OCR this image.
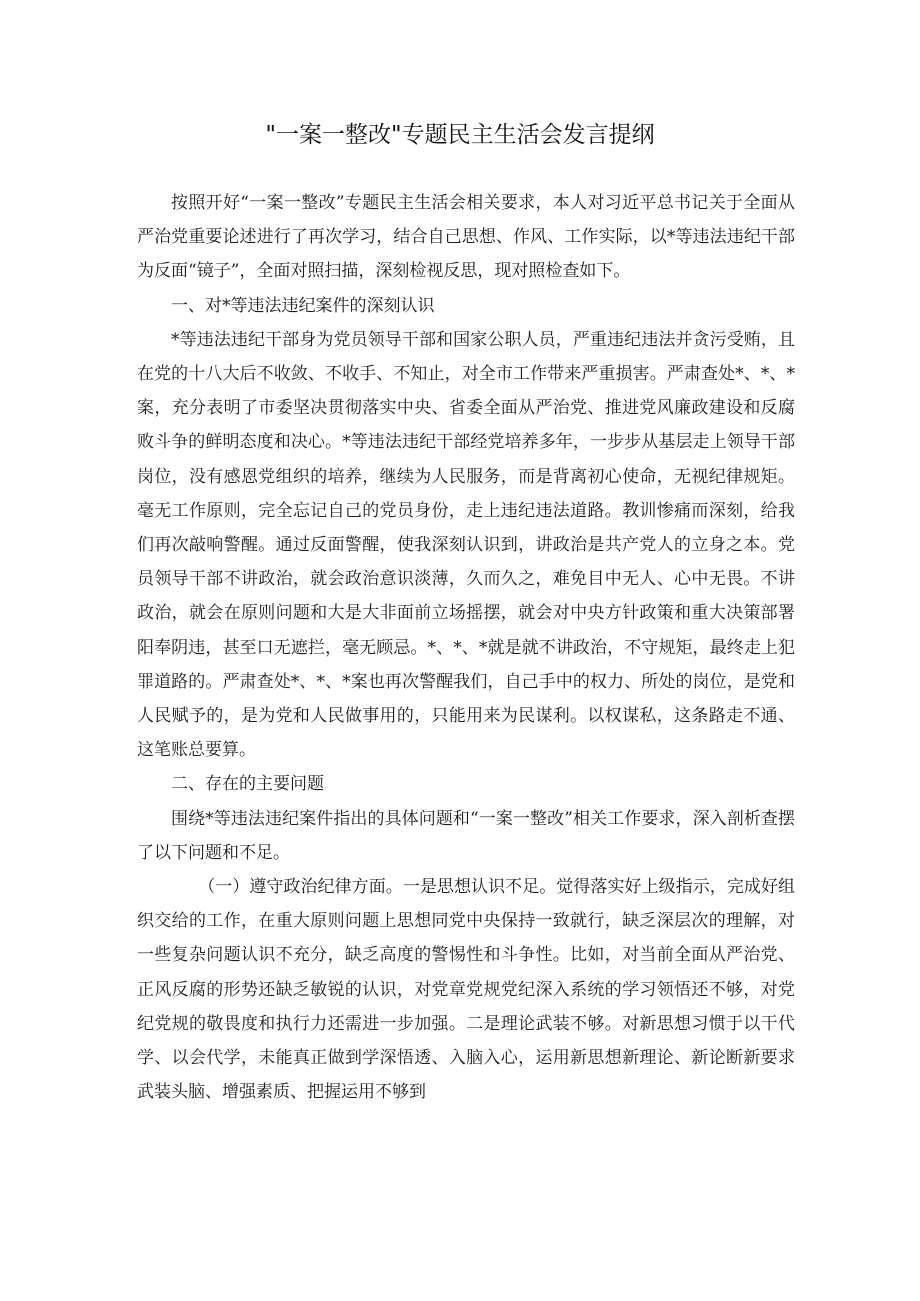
"一案一整改"专题民主生活会发言提纲

按照开好“一案一整改”专题民主生活会相关要求，本人对习近平总书记关于全面从严治党重要论述进行了再次学习，结合自己思想、作风、工作实际，以*等违法违纪干部为反面“镜子”，全面对照扫描，深刻检视反思，现对照检查如下。

一、对*等违法违纪案件的深刻认识

*等违法违纪干部身为党员领导干部和国家公职人员，严重违纪违法并贪污受贿，且在党的十八大后不收敛、不收手、不知止，对全市工作带来严重损害。严肃查处*、*、*案，充分表明了市委坚决贯彻落实中央、省委全面从严治党、推进党风廉政建设和反腐败斗争的鲜明态度和决心。*等违法违纪干部经党培养多年，一步步从基层走上领导干部岗位，没有感恩党组织的培养，继续为人民服务，而是背离初心使命，无视纪律规矩。毫无工作原则，完全忘记自己的党员身份，走上违纪违法道路。教训惨痛而深刻，给我们再次敲响警醒。通过反面警醒，使我深刻认识到，讲政治是共产党人的立身之本。党员领导干部不讲政治，就会政治意识淡薄，久而久之，难免目中无人、心中无畏。不讲政治，就会在原则问题和大是大非面前立场摇摆，就会对中央方针政策和重大决策部署阳奉阴违，甚至口无遮拦，毫无顾忌。*、*、*就是就不讲政治，不守规矩，最终走上犯罪道路的。严肃查处*、*、*案也再次警醒我们，自己手中的权力、所处的岗位，是党和人民赋予的，是为党和人民做事用的，只能用来为民谋利。以权谋私，这条路走不通、这笔账总要算。

二、存在的主要问题

围绕*等违法违纪案件指出的具体问题和“一案一整改”相关工作要求，深入剖析查摆了以下问题和不足。

（一）遵守政治纪律方面。一是思想认识不足。觉得落实好上级指示，完成好组织交给的工作，在重大原则问题上思想同党中央保持一致就行，缺乏深层次的理解，对一些复杂问题认识不充分，缺乏高度的警惕性和斗争性。比如，对当前全面从严治党、正风反腐的形势还缺乏敏锐的认识，对党章党规党纪深入系统的学习领悟还不够，对党纪党规的敬畏度和执行力还需进一步加强。二是理论武装不够。对新思想习惯于以干代学、以会代学，未能真正做到学深悟透、入脑入心，运用新思想新理论、新论断新要求武装头脑、增强素质、把握运用不够到
